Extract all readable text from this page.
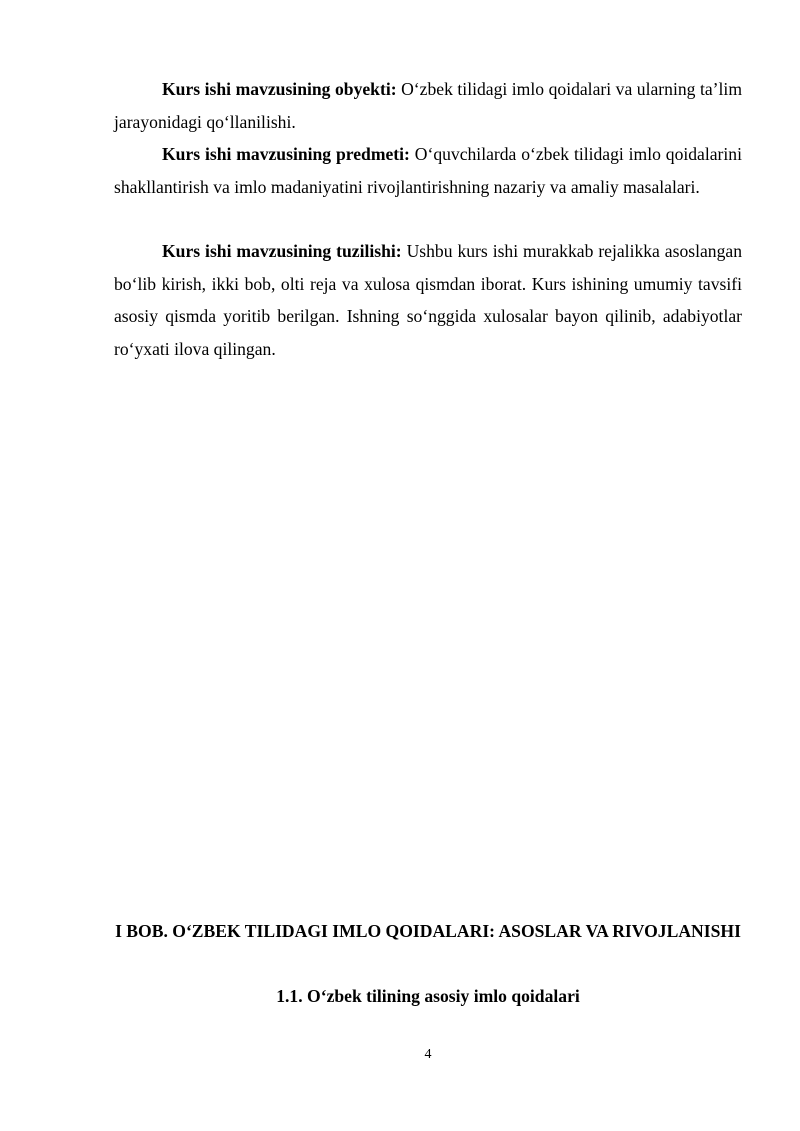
Kurs ishi mavzusining obyekti: O‘zbek tilidagi imlo qoidalari va ularning ta’lim jarayonidagi qo‘llanilishi.

Kurs ishi mavzusining predmeti: O‘quvchilarda o‘zbek tilidagi imlo qoidalarini shakllantirish va imlo madaniyatini rivojlantirishning nazariy va amaliy masalalari.

Kurs ishi mavzusining tuzilishi: Ushbu kurs ishi murakkab rejalikka asoslangan bo‘lib kirish, ikki bob, olti reja va xulosa qismdan iborat. Kurs ishining umumiy tavsifi asosiy qismda yoritib berilgan. Ishning so‘nggida xulosalar bayon qilinib, adabiyotlar ro‘yxati ilova qilingan.

I BOB. O‘ZBEK TILIDAGI IMLO QOIDALARI: ASOSLAR VA RIVOJLANISHI

1.1. O‘zbek tilining asosiy imlo qoidalari

4
